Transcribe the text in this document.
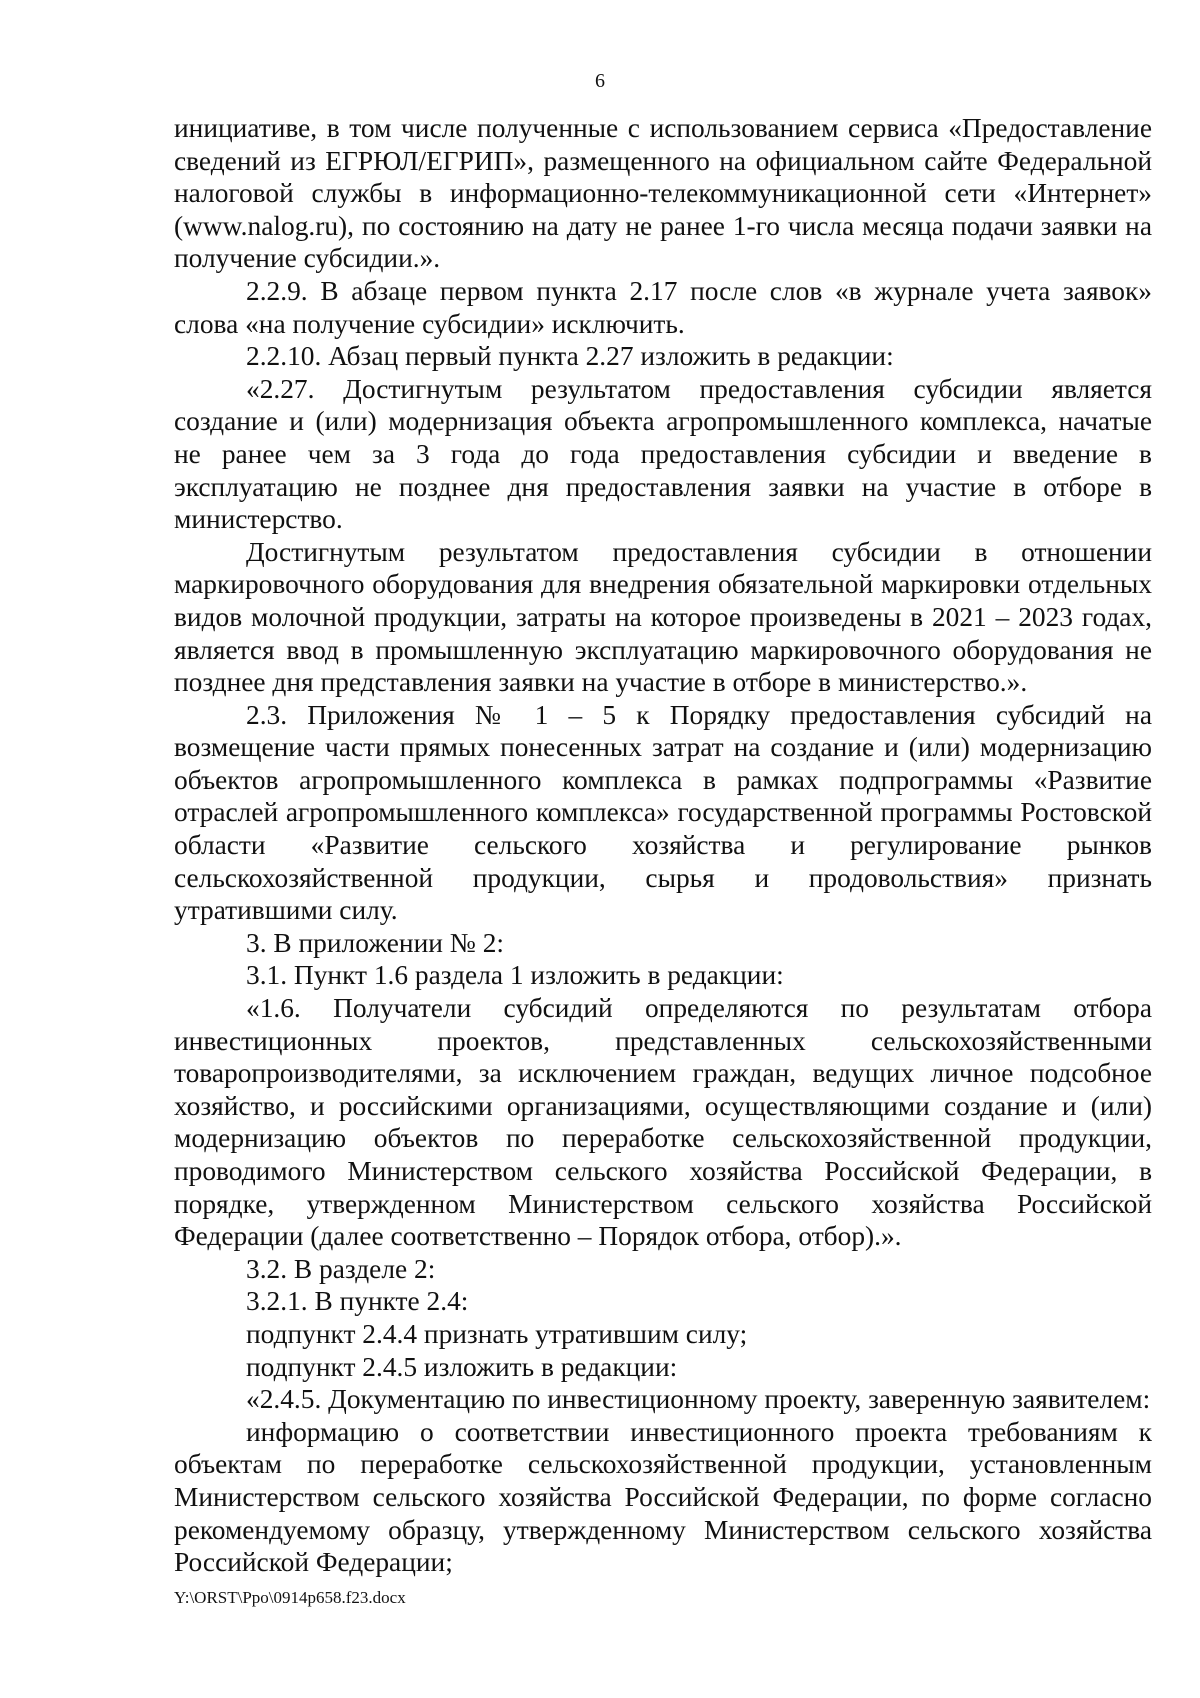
6

инициативе, в том числе полученные с использованием сервиса «Предоставление сведений из ЕГРЮЛ/ЕГРИП», размещенного на официальном сайте Федеральной налоговой службы в информационно-телекоммуникационной сети «Интернет» (www.nalog.ru), по состоянию на дату не ранее 1-го числа месяца подачи заявки на получение субсидии.».

2.2.9. В абзаце первом пункта 2.17 после слов «в журнале учета заявок» слова «на получение субсидии» исключить.

2.2.10. Абзац первый пункта 2.27 изложить в редакции:

«2.27. Достигнутым результатом предоставления субсидии является создание и (или) модернизация объекта агропромышленного комплекса, начатые не ранее чем за 3 года до года предоставления субсидии и введение в эксплуатацию не позднее дня предоставления заявки на участие в отборе в министерство.

Достигнутым результатом предоставления субсидии в отношении маркировочного оборудования для внедрения обязательной маркировки отдельных видов молочной продукции, затраты на которое произведены в 2021 – 2023 годах, является ввод в промышленную эксплуатацию маркировочного оборудования не позднее дня представления заявки на участие в отборе в министерство.».

2.3. Приложения № 1 – 5 к Порядку предоставления субсидий на возмещение части прямых понесенных затрат на создание и (или) модернизацию объектов агропромышленного комплекса в рамках подпрограммы «Развитие отраслей агропромышленного комплекса» государственной программы Ростовской области «Развитие сельского хозяйства и регулирование рынков сельскохозяйственной продукции, сырья и продовольствия» признать утратившими силу.

3. В приложении № 2:

3.1. Пункт 1.6 раздела 1 изложить в редакции:

«1.6. Получатели субсидий определяются по результатам отбора инвестиционных проектов, представленных сельскохозяйственными товаропроизводителями, за исключением граждан, ведущих личное подсобное хозяйство, и российскими организациями, осуществляющими создание и (или) модернизацию объектов по переработке сельскохозяйственной продукции, проводимого Министерством сельского хозяйства Российской Федерации, в порядке, утвержденном Министерством сельского хозяйства Российской Федерации (далее соответственно – Порядок отбора, отбор).».

3.2. В разделе 2:

3.2.1. В пункте 2.4:

подпункт 2.4.4 признать утратившим силу;

подпункт 2.4.5 изложить в редакции:

«2.4.5. Документацию по инвестиционному проекту, заверенную заявителем:

информацию о соответствии инвестиционного проекта требованиям к объектам по переработке сельскохозяйственной продукции, установленным Министерством сельского хозяйства Российской Федерации, по форме согласно рекомендуемому образцу, утвержденному Министерством сельского хозяйства Российской Федерации;

Y:\ORST\Ppo\0914p658.f23.docx
